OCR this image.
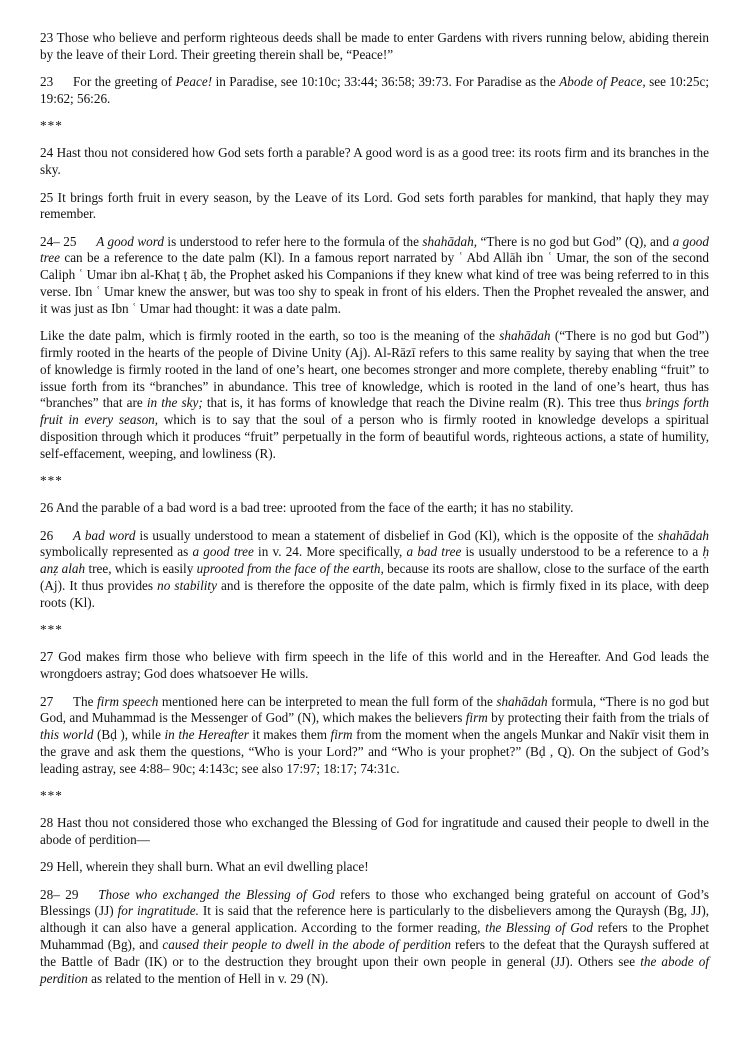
23 Those who believe and perform righteous deeds shall be made to enter Gardens with rivers running below, abiding therein by the leave of their Lord. Their greeting therein shall be, “Peace!”

23  For the greeting of Peace! in Paradise, see 10:10c; 33:44; 36:58; 39:73. For Paradise as the Abode of Peace, see 10:25c; 19:62; 56:26.

***

24 Hast thou not considered how God sets forth a parable? A good word is as a good tree: its roots firm and its branches in the sky.

25 It brings forth fruit in every season, by the Leave of its Lord. God sets forth parables for mankind, that haply they may remember.

24– 25  A good word is understood to refer here to the formula of the shahādah, “There is no god but God” (Q), and a good tree can be a reference to the date palm (Kl). In a famous report narrated by ʿ Abd Allāh ibn ʿ Umar, the son of the second Caliph ʿ Umar ibn al-Khaṭ ṭ āb, the Prophet asked his Companions if they knew what kind of tree was being referred to in this verse. Ibn ʿ Umar knew the answer, but was too shy to speak in front of his elders. Then the Prophet revealed the answer, and it was just as Ibn ʿ Umar had thought: it was a date palm.

Like the date palm, which is firmly rooted in the earth, so too is the meaning of the shahādah (“There is no god but God”) firmly rooted in the hearts of the people of Divine Unity (Aj). Al-Rāzī refers to this same reality by saying that when the tree of knowledge is firmly rooted in the land of one’s heart, one becomes stronger and more complete, thereby enabling “fruit” to issue forth from its “branches” in abundance. This tree of knowledge, which is rooted in the land of one’s heart, thus has “branches” that are in the sky; that is, it has forms of knowledge that reach the Divine realm (R). This tree thus brings forth fruit in every season, which is to say that the soul of a person who is firmly rooted in knowledge develops a spiritual disposition through which it produces “fruit” perpetually in the form of beautiful words, righteous actions, a state of humility, self-effacement, weeping, and lowliness (R).

***

26 And the parable of a bad word is a bad tree: uprooted from the face of the earth; it has no stability.

26  A bad word is usually understood to mean a statement of disbelief in God (Kl), which is the opposite of the shahādah symbolically represented as a good tree in v. 24. More specifically, a bad tree is usually understood to be a reference to a ḥ anẓ alah tree, which is easily uprooted from the face of the earth, because its roots are shallow, close to the surface of the earth (Aj). It thus provides no stability and is therefore the opposite of the date palm, which is firmly fixed in its place, with deep roots (Kl).

***

27 God makes firm those who believe with firm speech in the life of this world and in the Hereafter. And God leads the wrongdoers astray; God does whatsoever He wills.

27  The firm speech mentioned here can be interpreted to mean the full form of the shahādah formula, “There is no god but God, and Muhammad is the Messenger of God” (N), which makes the believers firm by protecting their faith from the trials of this world (Bḍ ), while in the Hereafter it makes them firm from the moment when the angels Munkar and Nakīr visit them in the grave and ask them the questions, “Who is your Lord?” and “Who is your prophet?” (Bḍ , Q). On the subject of God’s leading astray, see 4:88– 90c; 4:143c; see also 17:97; 18:17; 74:31c.

***

28 Hast thou not considered those who exchanged the Blessing of God for ingratitude and caused their people to dwell in the abode of perdition—

29 Hell, wherein they shall burn. What an evil dwelling place!

28– 29  Those who exchanged the Blessing of God refers to those who exchanged being grateful on account of God’s Blessings (JJ) for ingratitude. It is said that the reference here is particularly to the disbelievers among the Quraysh (Bg, JJ), although it can also have a general application. According to the former reading, the Blessing of God refers to the Prophet Muhammad (Bg), and caused their people to dwell in the abode of perdition refers to the defeat that the Quraysh suffered at the Battle of Badr (IK) or to the destruction they brought upon their own people in general (JJ). Others see the abode of perdition as related to the mention of Hell in v. 29 (N).
